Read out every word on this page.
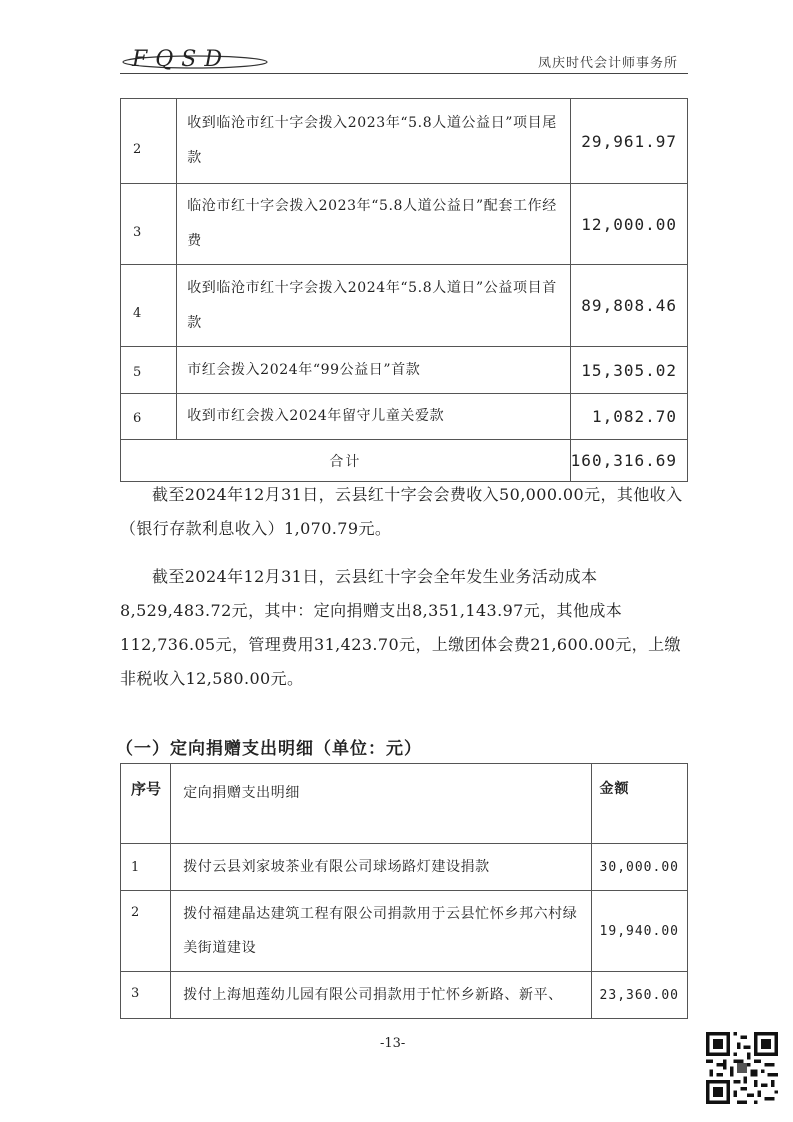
FQSD	凤庆时代会计师事务所
2	收到临沧市红十字会拨入2023年“5.8人道公益日”项目尾款	29,961.97
3	临沧市红十字会拨入2023年“5.8人道公益日”配套工作经费	12,000.00
4	收到临沧市红十字会拨入2024年“5.8人道日”公益项目首款	89,808.46
5	市红会拨入2024年“99公益日”首款	15,305.02
6	收到市红会拨入2024年留守儿童关爱款	1,082.70
合计		160,316.69
截至2024年12月31日，云县红十字会会费收入50,000.00元，其他收入（银行存款利息收入）1,070.79元。
截至2024年12月31日，云县红十字会全年发生业务活动成本8,529,483.72元，其中：定向捐赠支出8,351,143.97元，其他成本112,736.05元，管理费用31,423.70元，上缴团体会费21,600.00元，上缴非税收入12,580.00元。
（一）定向捐赠支出明细（单位：元）
序号	定向捐赠支出明细	金额
1	拨付云县刘家坡茶业有限公司球场路灯建设捐款	30,000.00
2	拨付福建晶达建筑工程有限公司捐款用于云县忙怀乡邦六村绿美街道建设	19,940.00
3	拨付上海旭莲幼儿园有限公司捐款用于忙怀乡新路、新平、	23,360.00
-13-
